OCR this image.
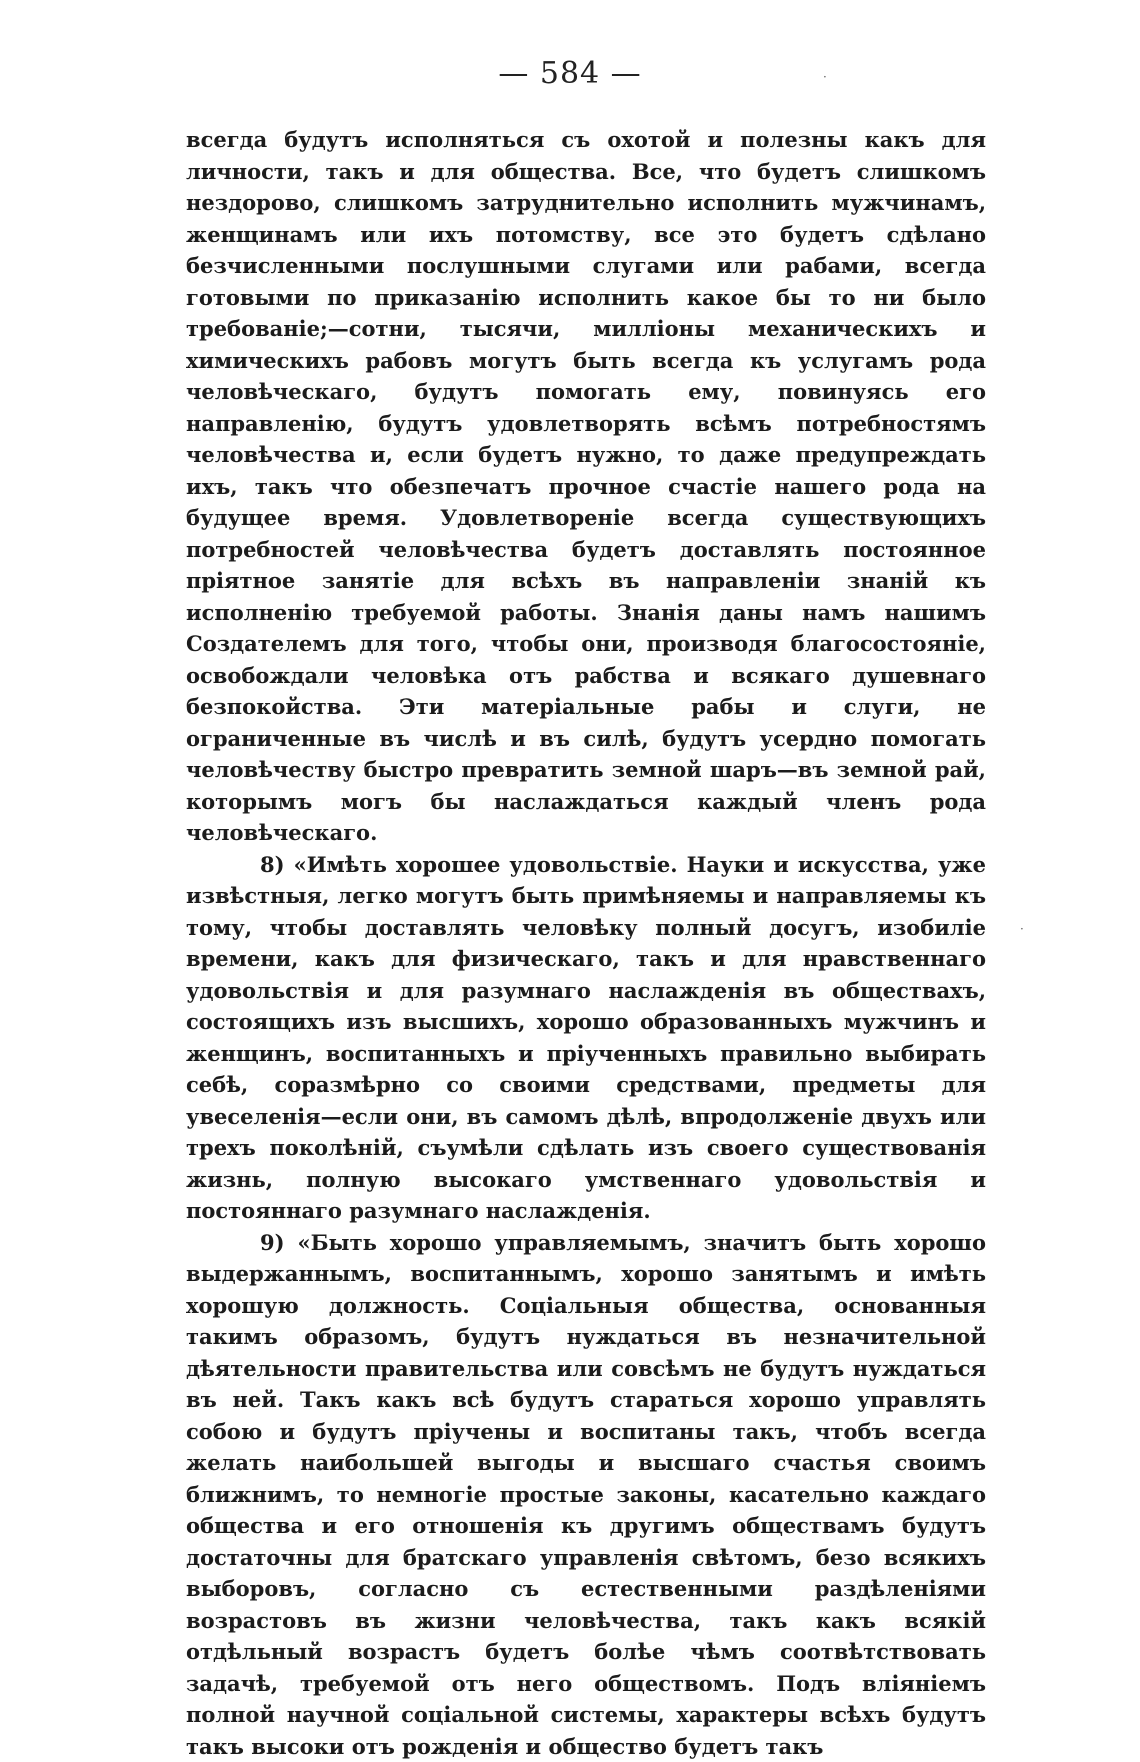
— 584 —	·
·

всегда будутъ исполняться съ охотой и полезны какъ для личности, такъ и для общества. Все, что будетъ слишкомъ нездорово, слишкомъ затруднительно исполнить мужчинамъ, женщинамъ или ихъ потомству, все это будетъ сдѣлано безчисленными послушными слугами или рабами, всегда готовыми по приказанію исполнить какое бы то ни было требованіе;—сотни, тысячи, милліоны механическихъ и химическихъ рабовъ могутъ быть всегда къ услугамъ рода человѣческаго, будутъ помогать ему, повинуясь его направленію, будутъ удовлетворять всѣмъ потребностямъ человѣчества и, если будетъ нужно, то даже предупреждать ихъ, такъ что обезпечатъ прочное счастіе нашего рода на будущее время. Удовлетвореніе всегда существующихъ потребностей человѣчества будетъ доставлять постоянное пріятное занятіе для всѣхъ въ направленіи знаній къ исполненію требуемой работы. Знанія даны намъ нашимъ Создателемъ для того, чтобы они, производя благосостояніе, освобождали человѣка отъ рабства и всякаго душевнаго безпокойства. Эти матеріальные рабы и слуги, не ограниченные въ числѣ и въ силѣ, будутъ усердно помогать человѣчеству быстро превратить земной шаръ—въ земной рай, которымъ могъ бы наслаждаться каждый членъ рода человѣческаго.

8) «Имѣть хорошее удовольствіе. Науки и искусства, уже извѣстныя, легко могутъ быть примѣняемы и направляемы къ тому, чтобы доставлять человѣку полный досугъ, изобиліе времени, какъ для физическаго, такъ и для нравственнаго удовольствія и для разумнаго наслажденія въ обществахъ, состоящихъ изъ высшихъ, хорошо образованныхъ мужчинъ и женщинъ, воспитанныхъ и пріученныхъ правильно выбирать себѣ, соразмѣрно со своими средствами, предметы для увеселенія—если они, въ самомъ дѣлѣ, впродолженіе двухъ или трехъ поколѣній, съумѣли сдѣлать изъ своего существованія жизнь, полную высокаго умственнаго удовольствія и постояннаго разумнаго наслажденія.

9) «Быть хорошо управляемымъ, значитъ быть хорошо выдержаннымъ, воспитаннымъ, хорошо занятымъ и имѣть хорошую должность. Соціальныя общества, основанныя такимъ образомъ, будутъ нуждаться въ незначительной дѣятельности правительства или совсѣмъ не будутъ нуждаться въ ней. Такъ какъ всѣ будутъ стараться хорошо управлять собою и будутъ пріучены и воспитаны такъ, чтобъ всегда желать наибольшей выгоды и высшаго счастья своимъ ближнимъ, то немногіе простые законы, касательно каждаго общества и его отношенія къ другимъ обществамъ будутъ достаточны для братскаго управленія свѣтомъ, безо всякихъ выборовъ, согласно съ естественными раздѣленіями возрастовъ въ жизни человѣчества, такъ какъ всякій отдѣльный возрастъ будетъ болѣе чѣмъ соотвѣтствовать задачѣ, требуемой отъ него обществомъ. Подъ вліяніемъ полной научной соціальной системы, характеры всѣхъ будутъ такъ высоки отъ рожденія и общество будетъ такъ
